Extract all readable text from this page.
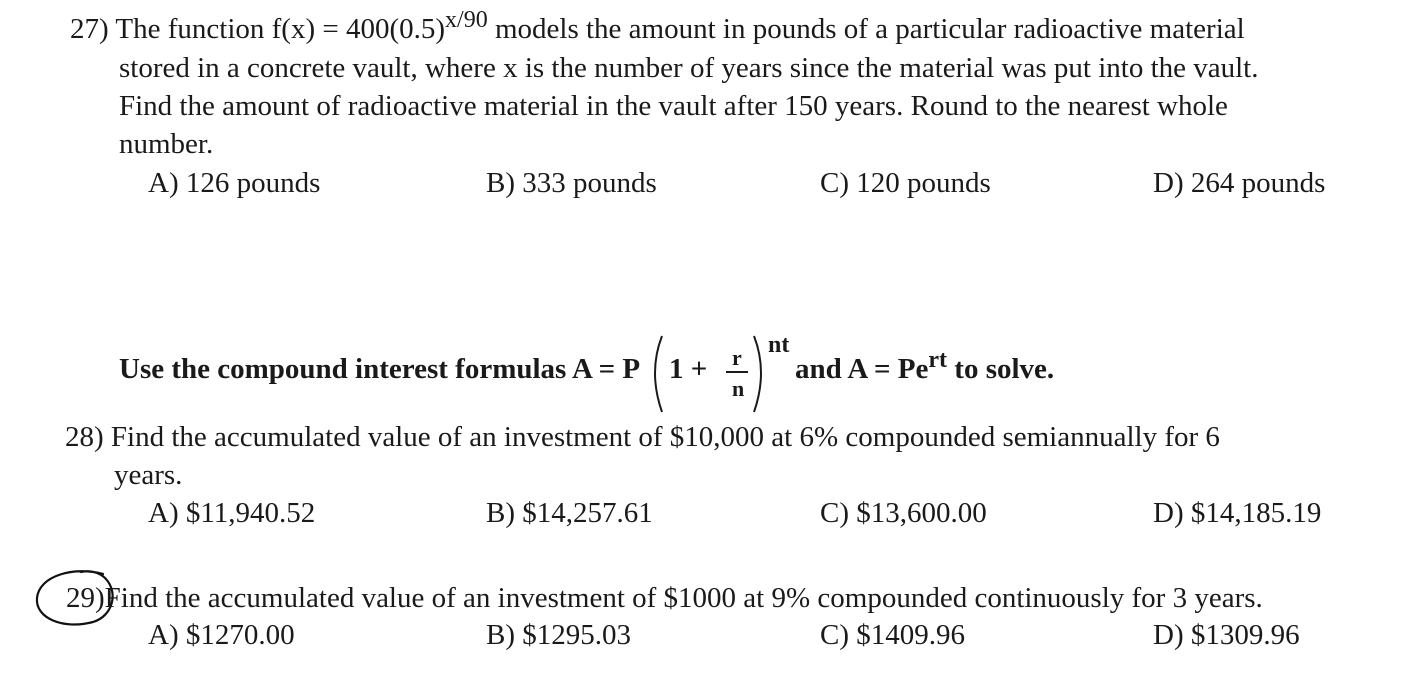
27) The function $f(x) = 400(0.5)^{x/90}$ models the amount in pounds of a particular radioactive material
stored in a concrete vault, where x is the number of years since the material was put into the vault.
Find the amount of radioactive material in the vault after 150 years. Round to the nearest whole
number.
A) 126 pounds	B) 333 pounds	C) 120 pounds	D) 264 pounds
Use the compound interest formulas A = P 1 + r
n
nt
and $A = Pe^{rt}$ to solve.
28) Find the accumulated value of an investment of $10,000 at 6% compounded semiannually for 6
years.
A) $11,940.52	B) $14,257.61	C) $13,600.00	D) $14,185.19
29)Find the accumulated value of an investment of $1000 at 9% compounded continuously for 3 years.
A) $1270.00	B) $1295.03	C) $1409.96	D) $1309.96
